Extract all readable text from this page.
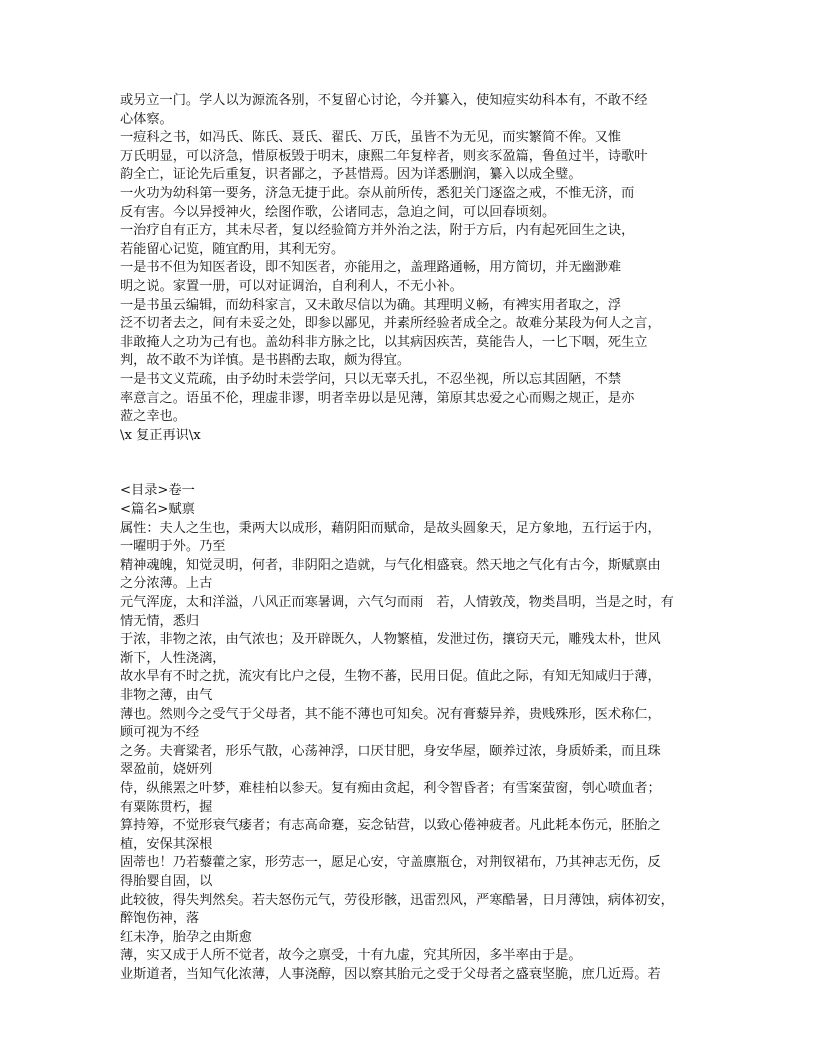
或另立一门。学人以为源流各别，不复留心讨论，今并纂入，使知痘实幼科本有，不敢不经
心体察。
一痘科之书，如冯氏、陈氏、聂氏、翟氏、万氏，虽皆不为无见，而实繁简不侔。又惟
万氏明显，可以济急，惜原板毁于明末，康熙二年复梓者，则亥豕盈篇，鲁鱼过半，诗歌叶
韵全亡，证论先后重复，识者鄙之，予甚惜焉。因为详悉删润，纂入以成全璧。
一火功为幼科第一要务，济急无捷于此。奈从前所传，悉犯关门逐盗之戒，不惟无济，而
反有害。今以异授神火，绘图作歌，公诸同志，急迫之间，可以回春顷刻。
一治疗自有正方，其未尽者，复以经验简方并外治之法，附于方后，内有起死回生之诀，
若能留心记览，随宜酌用，其利无穷。
一是书不但为知医者设，即不知医者，亦能用之，盖理路通畅，用方简切，并无幽渺难
明之说。家置一册，可以对证调治，自利利人，不无小补。
一是书虽云编辑，而幼科家言，又未敢尽信以为确。其理明义畅，有裨实用者取之，浮
泛不切者去之，间有未妥之处，即参以鄙见，并素所经验者成全之。故难分某段为何人之言，
非敢掩人之功为己有也。盖幼科非方脉之比，以其病因疾苦，莫能告人，一匕下咽，死生立
判，故不敢不为详慎。是书斟酌去取，颇为得宜。
一是书文义荒疏，由予幼时未尝学问，只以无辜夭扎，不忍坐视，所以忘其固陋，不禁
率意言之。语虽不伦，理虚非谬，明者幸毋以是见薄，第原其忠爱之心而赐之规正，是亦
蒞之幸也。
\x 复正再识\x
<目录>卷一
<篇名>赋禀
属性：夫人之生也，秉两大以成形，藉阴阳而赋命，是故头圆象天，足方象地，五行运于内，
一曜明于外。乃至
精神魂魄，知觉灵明，何者，非阴阳之造就，与气化相盛衰。然天地之气化有古今，斯赋禀由
之分浓薄。上古
元气浑庞，太和洋溢，八风正而寒暑调，六气匀而雨　若，人情敦茂，物类昌明，当是之时，有
情无情，悉归
于浓，非物之浓，由气浓也；及开辟既久，人物繁植，发泄过伤，攘窃天元，雕残太朴，世风
渐下，人性浇漓，
故水旱有不时之扰，流灾有比户之侵，生物不蕃，民用日促。值此之际，有知无知咸归于薄，
非物之薄，由气
薄也。然则今之受气于父母者，其不能不薄也可知矣。况有膏藜异养，贵贱殊形，医术称仁，
顾可视为不经
之务。夫膏粱者，形乐气散，心荡神浮，口厌甘肥，身安华屋，颐养过浓，身质娇柔，而且珠
翠盈前，娆妍列
侍，纵熊罴之叶梦，难桂柏以参天。复有痴由贪起，利令智昏者；有雪案萤窗，刳心喷血者；
有粟陈贯朽，握
算持筹，不觉形衰气痿者；有志高命蹇，妄念钻营，以致心倦神疲者。凡此耗本伤元，胚胎之
植，安保其深根
固蒂也！乃若藜藿之家，形劳志一，愿足心安，守盖廪瓶仓，对荆钗裙布，乃其神志无伤，反
得胎婴自固，以
此较彼，得失判然矣。若夫怒伤元气，劳役形骸，迅雷烈风，严寒酷暑，日月薄蚀，病体初安，
醉饱伤神，落
红未净，胎孕之由斯愈
薄，实又成于人所不觉者，故今之禀受，十有九虚，究其所因，多半率由于是。
业斯道者，当知气化浓薄，人事浇醇，因以察其胎元之受于父母者之盛衰坚脆，庶几近焉。若
